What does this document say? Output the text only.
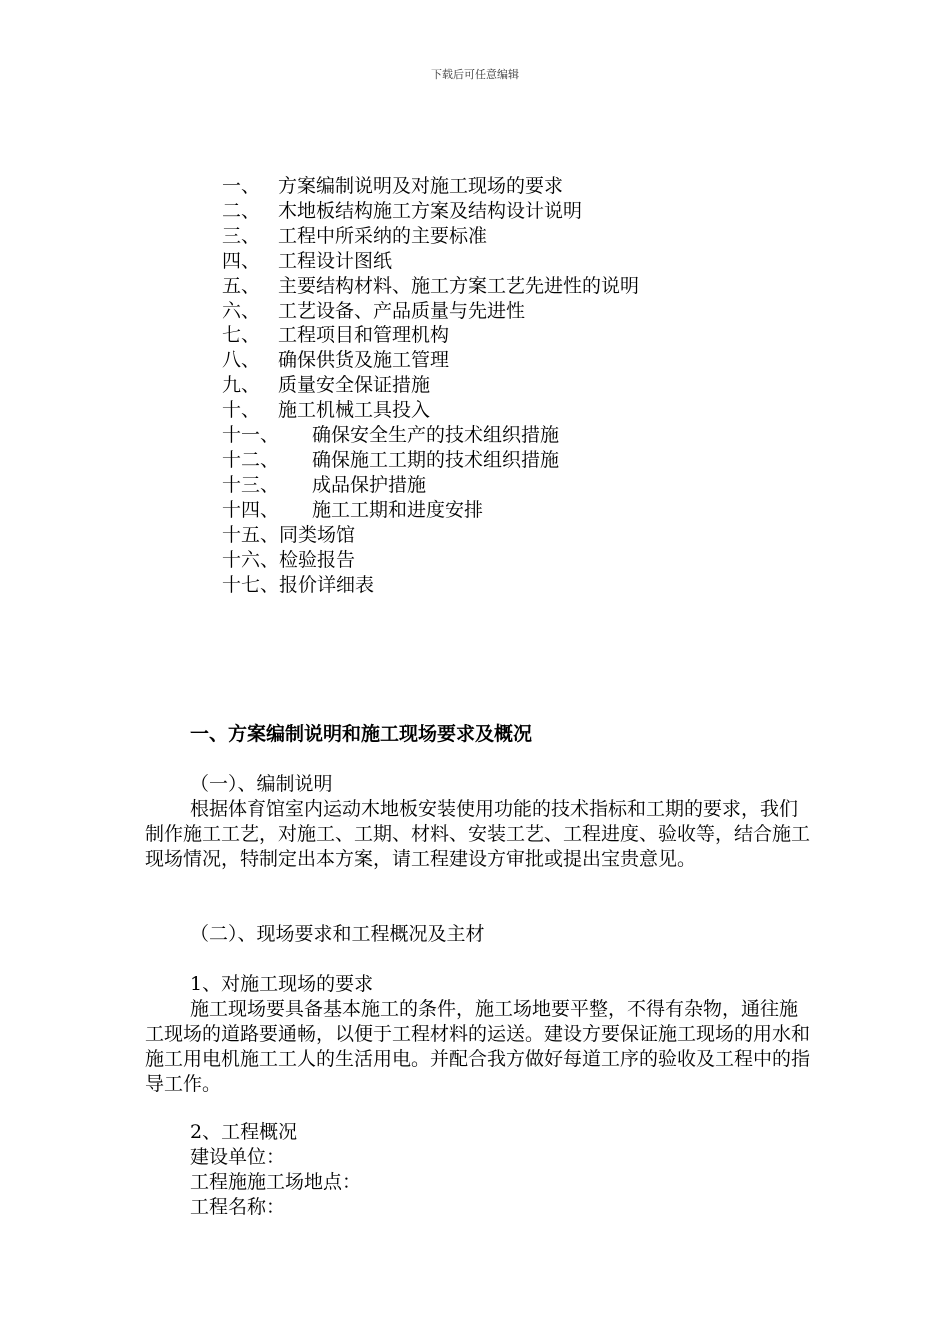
下载后可任意编辑
一、 方案编制说明及对施工现场的要求
二、 木地板结构施工方案及结构设计说明
三、 工程中所采纳的主要标准
四、 工程设计图纸
五、 主要结构材料、施工方案工艺先进性的说明
六、 工艺设备、产品质量与先进性
七、 工程项目和管理机构
八、 确保供货及施工管理
九、 质量安全保证措施
十、 施工机械工具投入
十一、 确保安全生产的技术组织措施
十二、 确保施工工期的技术组织措施
十三、 成品保护措施
十四、 施工工期和进度安排
十五、同类场馆
十六、检验报告
十七、报价详细表
一、方案编制说明和施工现场要求及概况

（一）、编制说明

根据体育馆室内运动木地板安装使用功能的技术指标和工期的要求，我们制作施工工艺，对施工、工期、材料、安装工艺、工程进度、验收等，结合施工现场情况，特制定出本方案，请工程建设方审批或提出宝贵意见。

（二）、现场要求和工程概况及主材

1、对施工现场的要求

施工现场要具备基本施工的条件，施工场地要平整，不得有杂物，通往施工现场的道路要通畅，以便于工程材料的运送。建设方要保证施工现场的用水和施工用电机施工工人的生活用电。并配合我方做好每道工序的验收及工程中的指导工作。

2、工程概况

建设单位：

工程施施工场地点：

工程名称：
